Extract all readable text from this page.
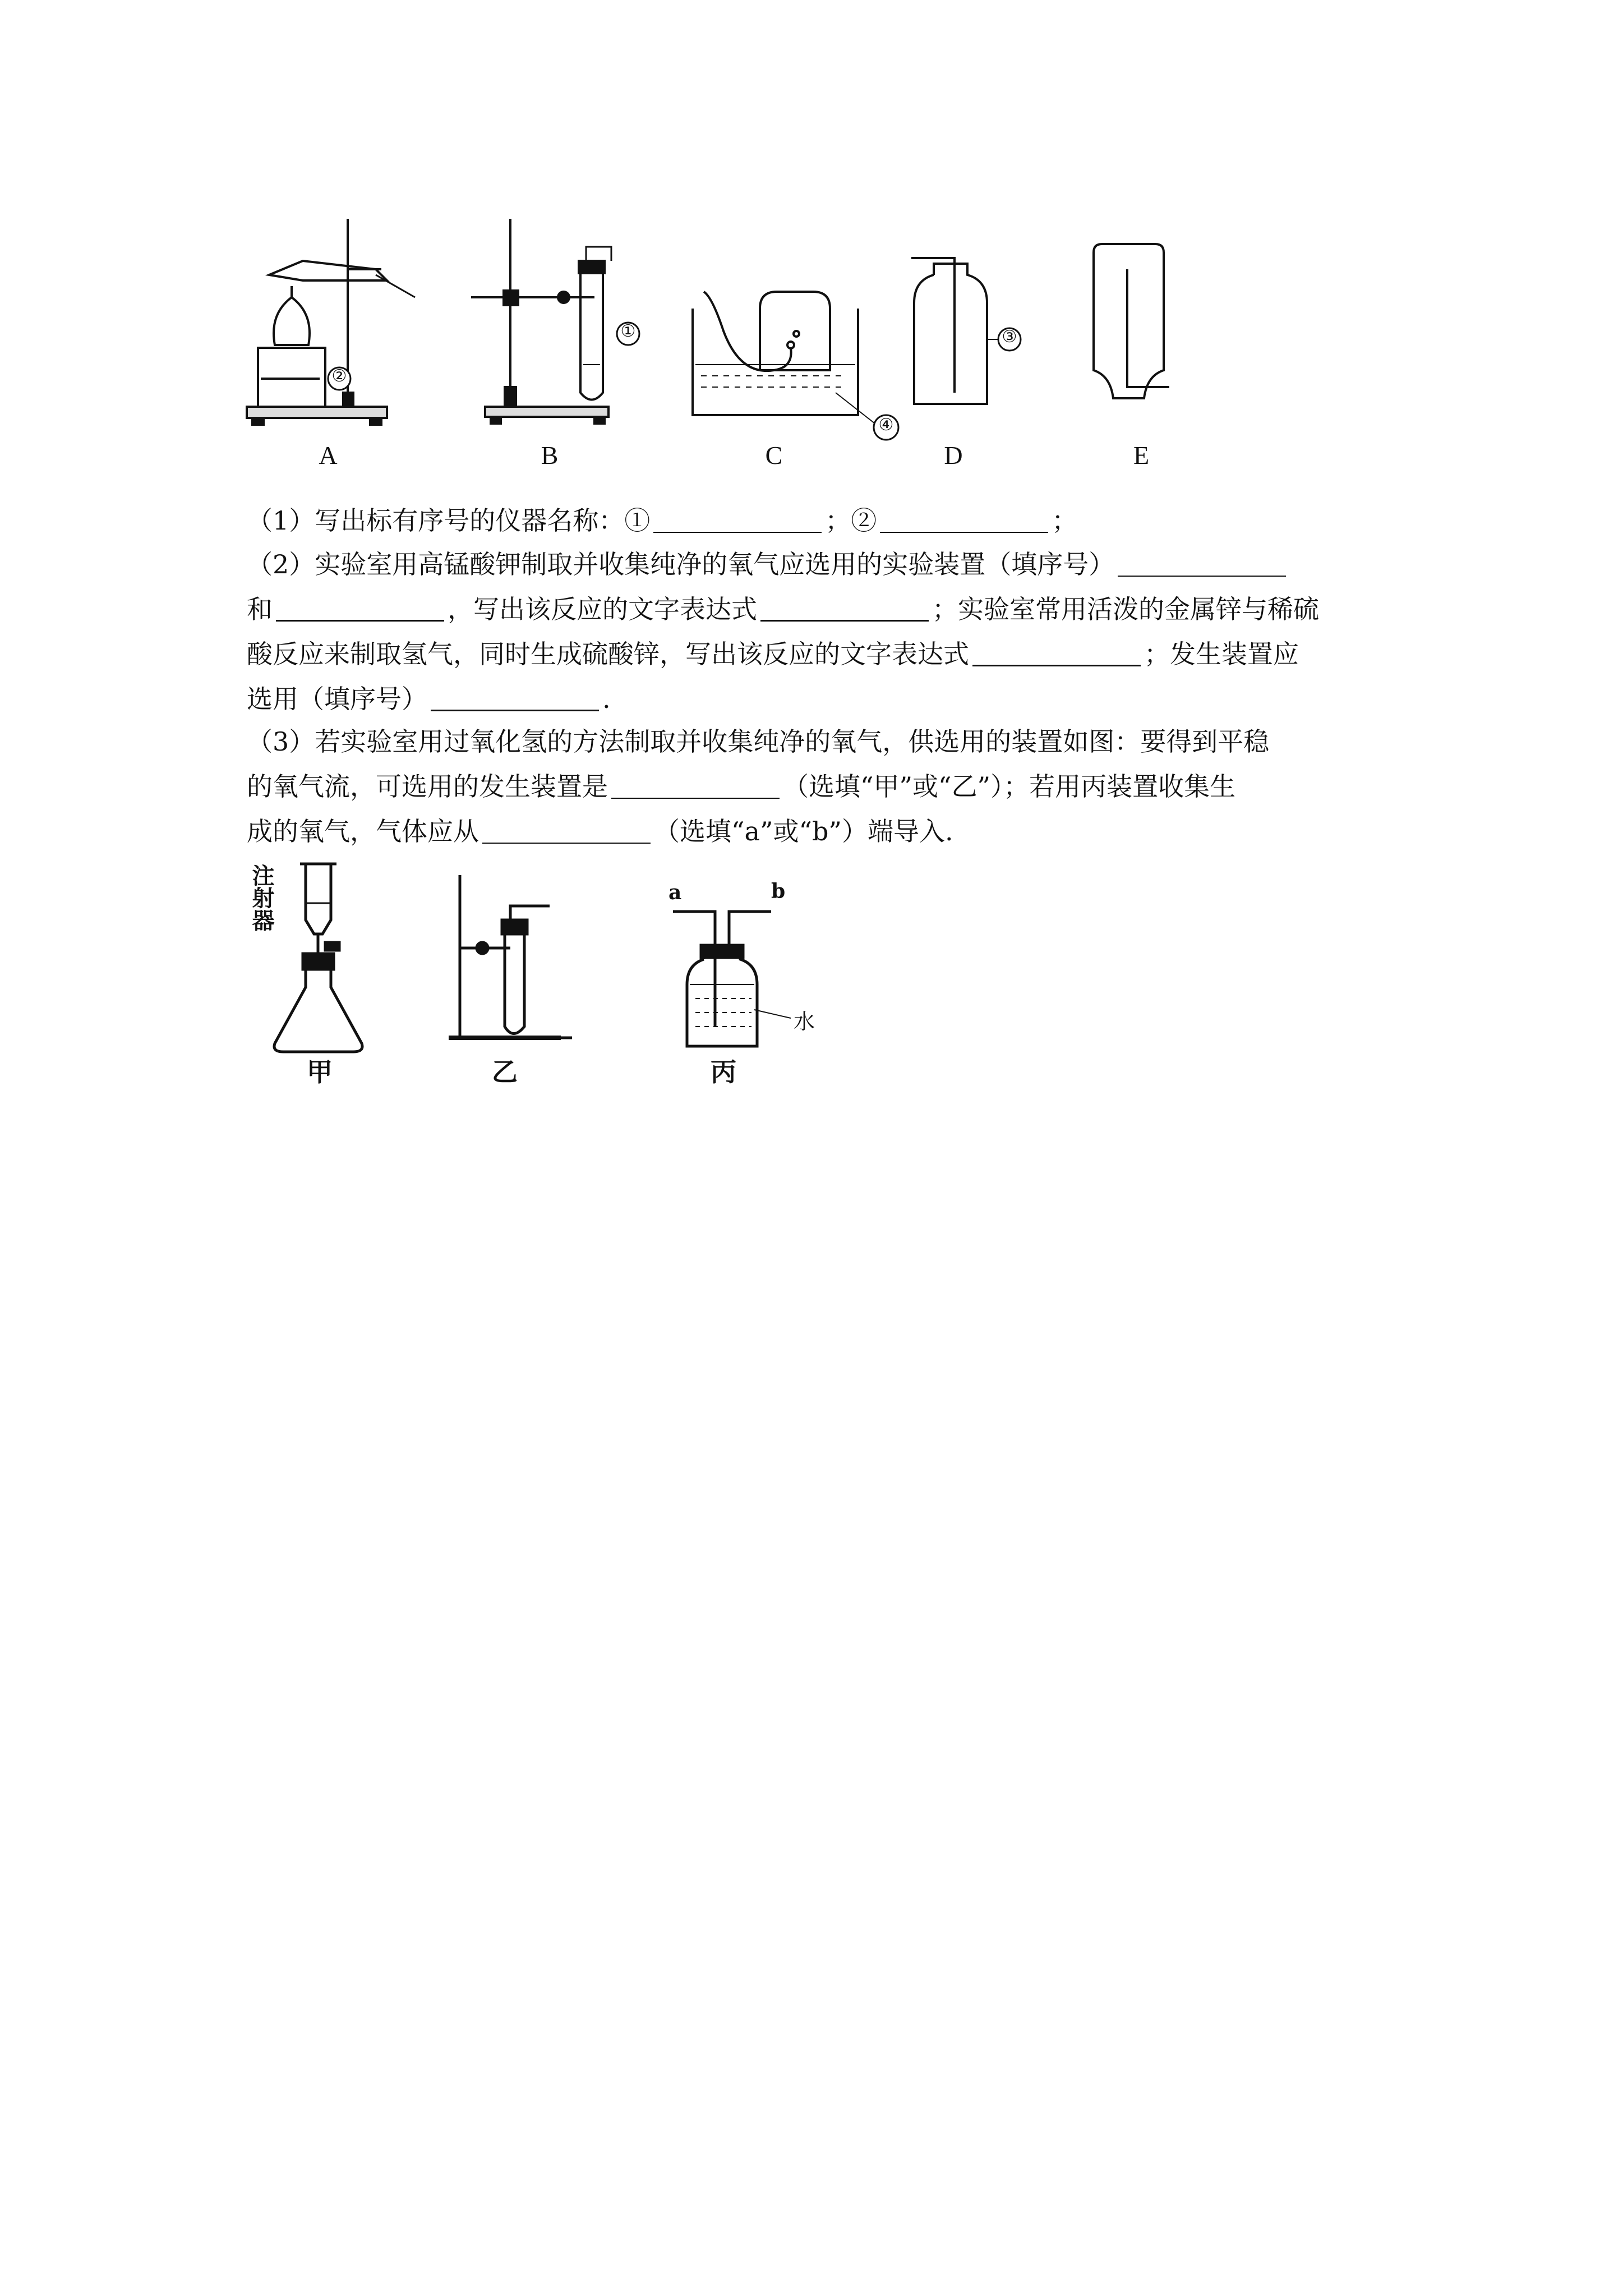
②
①
④
③
A	B	C	D	E
（1）写出标有序号的仪器名称：①	；②	；
（2）实验室用高锰酸钾制取并收集纯净的氧气应选用的实验装置（填序号）
和	，写出该反应的文字表达式	；实验室常用活泼的金属锌与稀硫
酸反应来制取氢气，同时生成硫酸锌，写出该反应的文字表达式	；发生装置应
选用（填序号）	.
（3）若实验室用过氧化氢的方法制取并收集纯净的氧气，供选用的装置如图：要得到平稳
的氧气流，可选用的发生装置是	（选填“甲”或“乙”）；若用丙装置收集生
成的氧气，气体应从	（选填“a”或“b”）端导入.
注射器	a	b
水
甲	乙	丙
